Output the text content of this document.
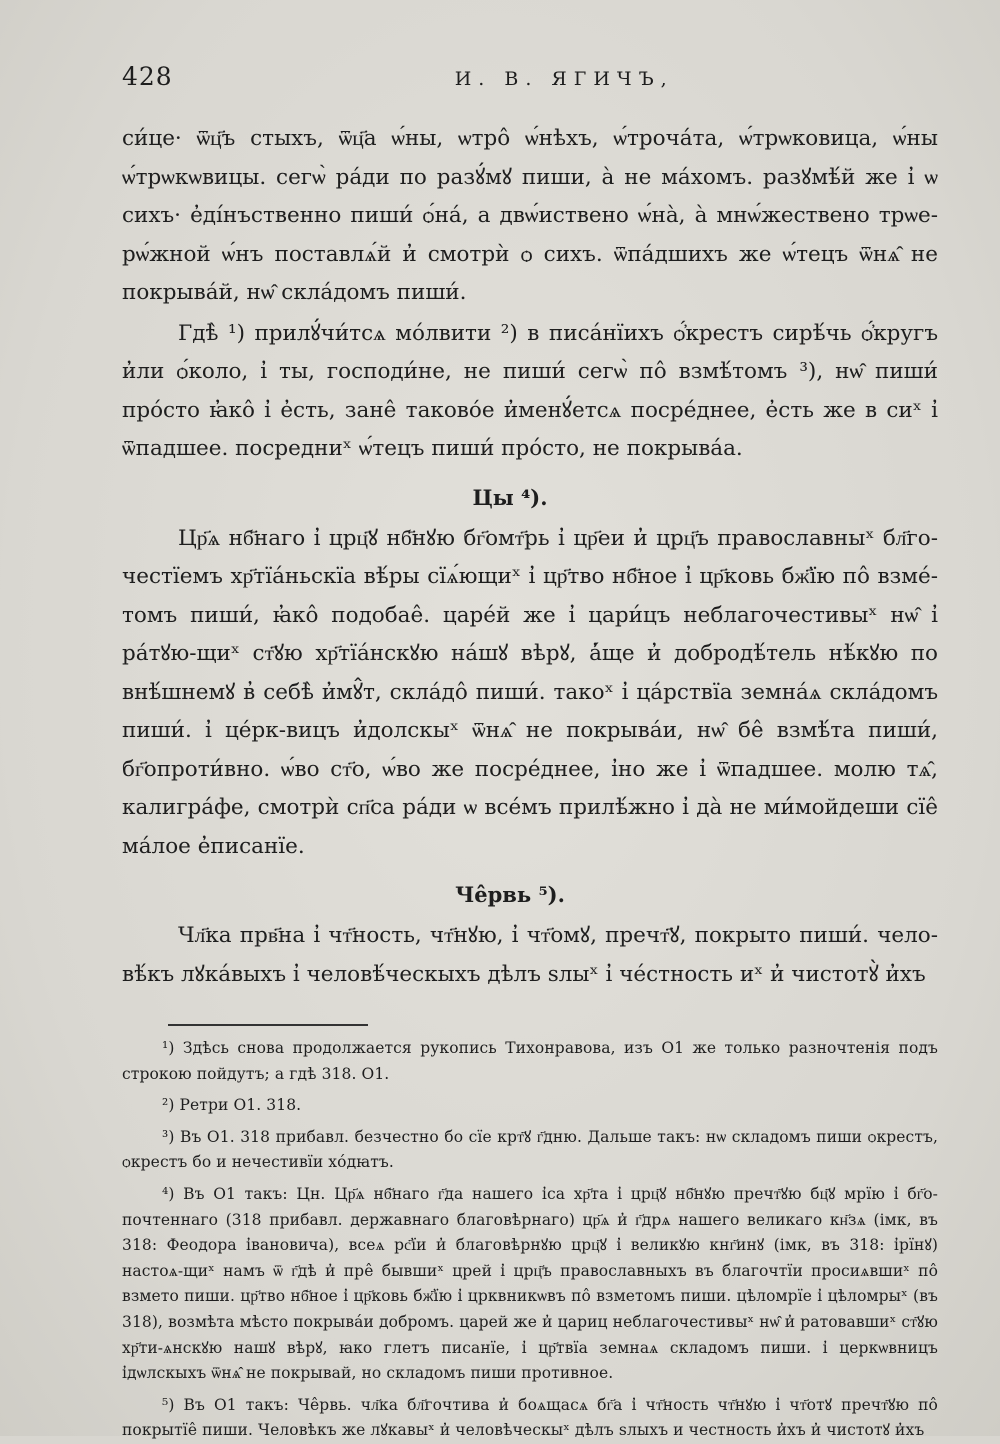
428	И. В. ЯГИЧЪ,

си́це· ѿц҃ъ стыхъ, ѿц҃а ѡ́ны, ѡтро̂ ѡ́нѣхъ, ѡ́трочáта, ѡ́трѡковица, ѡ́ны ѡ́трѡкѡвицы. сегѡ̀ рáди по разꙋ́мꙋ пиши, а̀ не мáхомъ. разꙋмѣ́й же і̓ ѡ сихъ· е̓ді́нъственно пиши́ ѻ́нá, а двѡ́иствено ѡ́нà, а̀ мнѡ́жествено трѡе-рѡ́жной ѡ́нъ поставлѧ́й и̓ смотрѝ ѻ сихъ. ѿпáдшихъ же ѡ́тецъ ѿнѧ̂ не покрывáй, нѡ̂ склáдомъ пиши́.

Гдѣ̀ ¹) прилꙋ́чи́тсѧ мо́лвити ²) в писа́нїихъ ѻ̓́крестъ сирѣ́чь ѻ̓́кругъ и̓ли ѻ́коло, і̓ ты, господи́не, не пиши́ сегѡ̀ по̂ взмѣ́томъ ³), нѡ̂ пиши́ про́сто ꙗ̓ко̂ і̓ е̓сть, зане̂ таковóе и̓менꙋ́етсѧ посре́днее, е̓сть же в сиˣ і̓ ѿпадшее. посредниˣ ѡ́тецъ пиши́ про́сто, не покрывáа.

Цы ⁴).

Цр҃ѧ нб҃наго і̓ црц҃ꙋ нб҃нꙋю бг҃омт҃рь і̓ цр҃еи и̓ црц҃ъ православныˣ бл҃го-честїемъ хр҃тїа́ньскїа вѣ́ры сїѧ́ющиˣ і̓ цр҃тво нб҃ное і̓ цр҃ковь бж҃їю по̂ взме́-томъ пиши́, ꙗ̓ко̂ подобае̂. царе́й же і̓ цари́цъ неблагочестивыˣ нѡ̂ і̓ рáтꙋю-щиˣ ст҃ꙋю хр҃тїа́нскꙋю на́шꙋ вѣрꙋ, а̓́ще и̓ добродѣ́тель нѣ́кꙋю по внѣ́шнемꙋ в̓ себѣ̀ и̓мꙋ̂т, склáдо̂ пиши́. такоˣ і̓ цáрствїа земнáѧ склáдомъ пиши́. і̓ цéрк-вицъ и̓долскыˣ ѿнѧ̂ не покрывáи, нѡ̂ бе̂ взмѣ́та пиши́, бг҃опроти́вно. ѡ́во ст҃о, ѡ́во же посре́днее, і̓но же і̓ ѿпадшее. молю тѧ̂, калигрáфе, смотрѝ сп҃са рáди ѡ всéмъ прилѣ́жно і̓ дà не ми́мойдеши сїе̂ мáлое е̓писанїе.

Че̂рвь ⁵).

Чл҃ка прв҃на і̓ чт҃ность, чт҃нꙋю, і̓ чт҃омꙋ, пречт҃ꙋ, покрыто пиши́. чело-вѣ́къ лꙋка́выхъ і̓ человѣ́ческыхъ дѣлъ ѕлыˣ і̓ че́стность иˣ и̓ чистотꙋ̀ и̓хъ

¹) Здѣсь снова продолжается рукопись Тихонравова, изъ О1 же только разночтенія подъ строкою пойдутъ; а гдѣ 318. О1.

²) Ретри О1. 318.

³) Въ О1. 318 прибавл. безчестно бо сїе крт҃ꙋ г҃дню. Дальше такъ: нѡ складомъ пиши ѻкрестъ, ѻкрестъ бо и нечестивїи хо́дꙗтъ.

⁴) Въ О1 такъ: Цн. Цр҃ѧ нб҃наго г҃да нашего і̓са хр҃та і̓ црц҃ꙋ нб҃нꙋю пречт҃ꙋю бц҃ꙋ мрїю і̓ бг҃о-почтеннаго (318 прибавл. державнаго благовѣрнаго) цр҃ѧ и̓ г҃дрѧ нашего великаго кн҃зѧ (імк, въ 318: Феодора і̓вановича), всеѧ рс҃їи и̓ благовѣрнꙋю црц҃ꙋ і̓ великꙋю кнг҃инꙋ (імк, въ 318: і̓рїнꙋ) настоѧ-щиˣ намъ ѿ г҃дѣ и̓ пре̂ бывшиˣ црей і̓ црц҃ъ православныхъ въ благочтїи просиѧвшиˣ по̂ взмето пиши. цр҃тво нб҃ное і̓ цр҃ковь бж҃їю і̓ црквникѡвъ по̂ взметомъ пиши. цѣломрїе і̓ цѣломрыˣ (въ 318), возмѣта мѣсто покрывáи добромъ. царей же и̓ цариц неблагочестивыˣ нѡ̂ и̓ ратовавшиˣ ст҃ꙋю хр҃ти-ѧнскꙋю нашꙋ вѣрꙋ, ꙗко глетъ писанїе, і̓ цр҃твїа земнаѧ складомъ пиши. і̓ церкѡвницъ і̓дѡлскыхъ ѿнѧ̂ не покрывай, но складомъ пиши противное.

⁵) Въ О1 такъ: Че̂рвь. чл҃ка бл҃гочтива и̓ боѧщасѧ бг҃а і̓ чт҃ность чт҃нꙋю і̓ чт҃отꙋ пречт҃ꙋю по̂ покрытїе̂ пиши. Человѣкъ же лꙋкавыˣ и̓ человѣческыˣ дѣлъ ѕлыхъ и честность и̓хъ и̓ чистотꙋ и̓хъ
